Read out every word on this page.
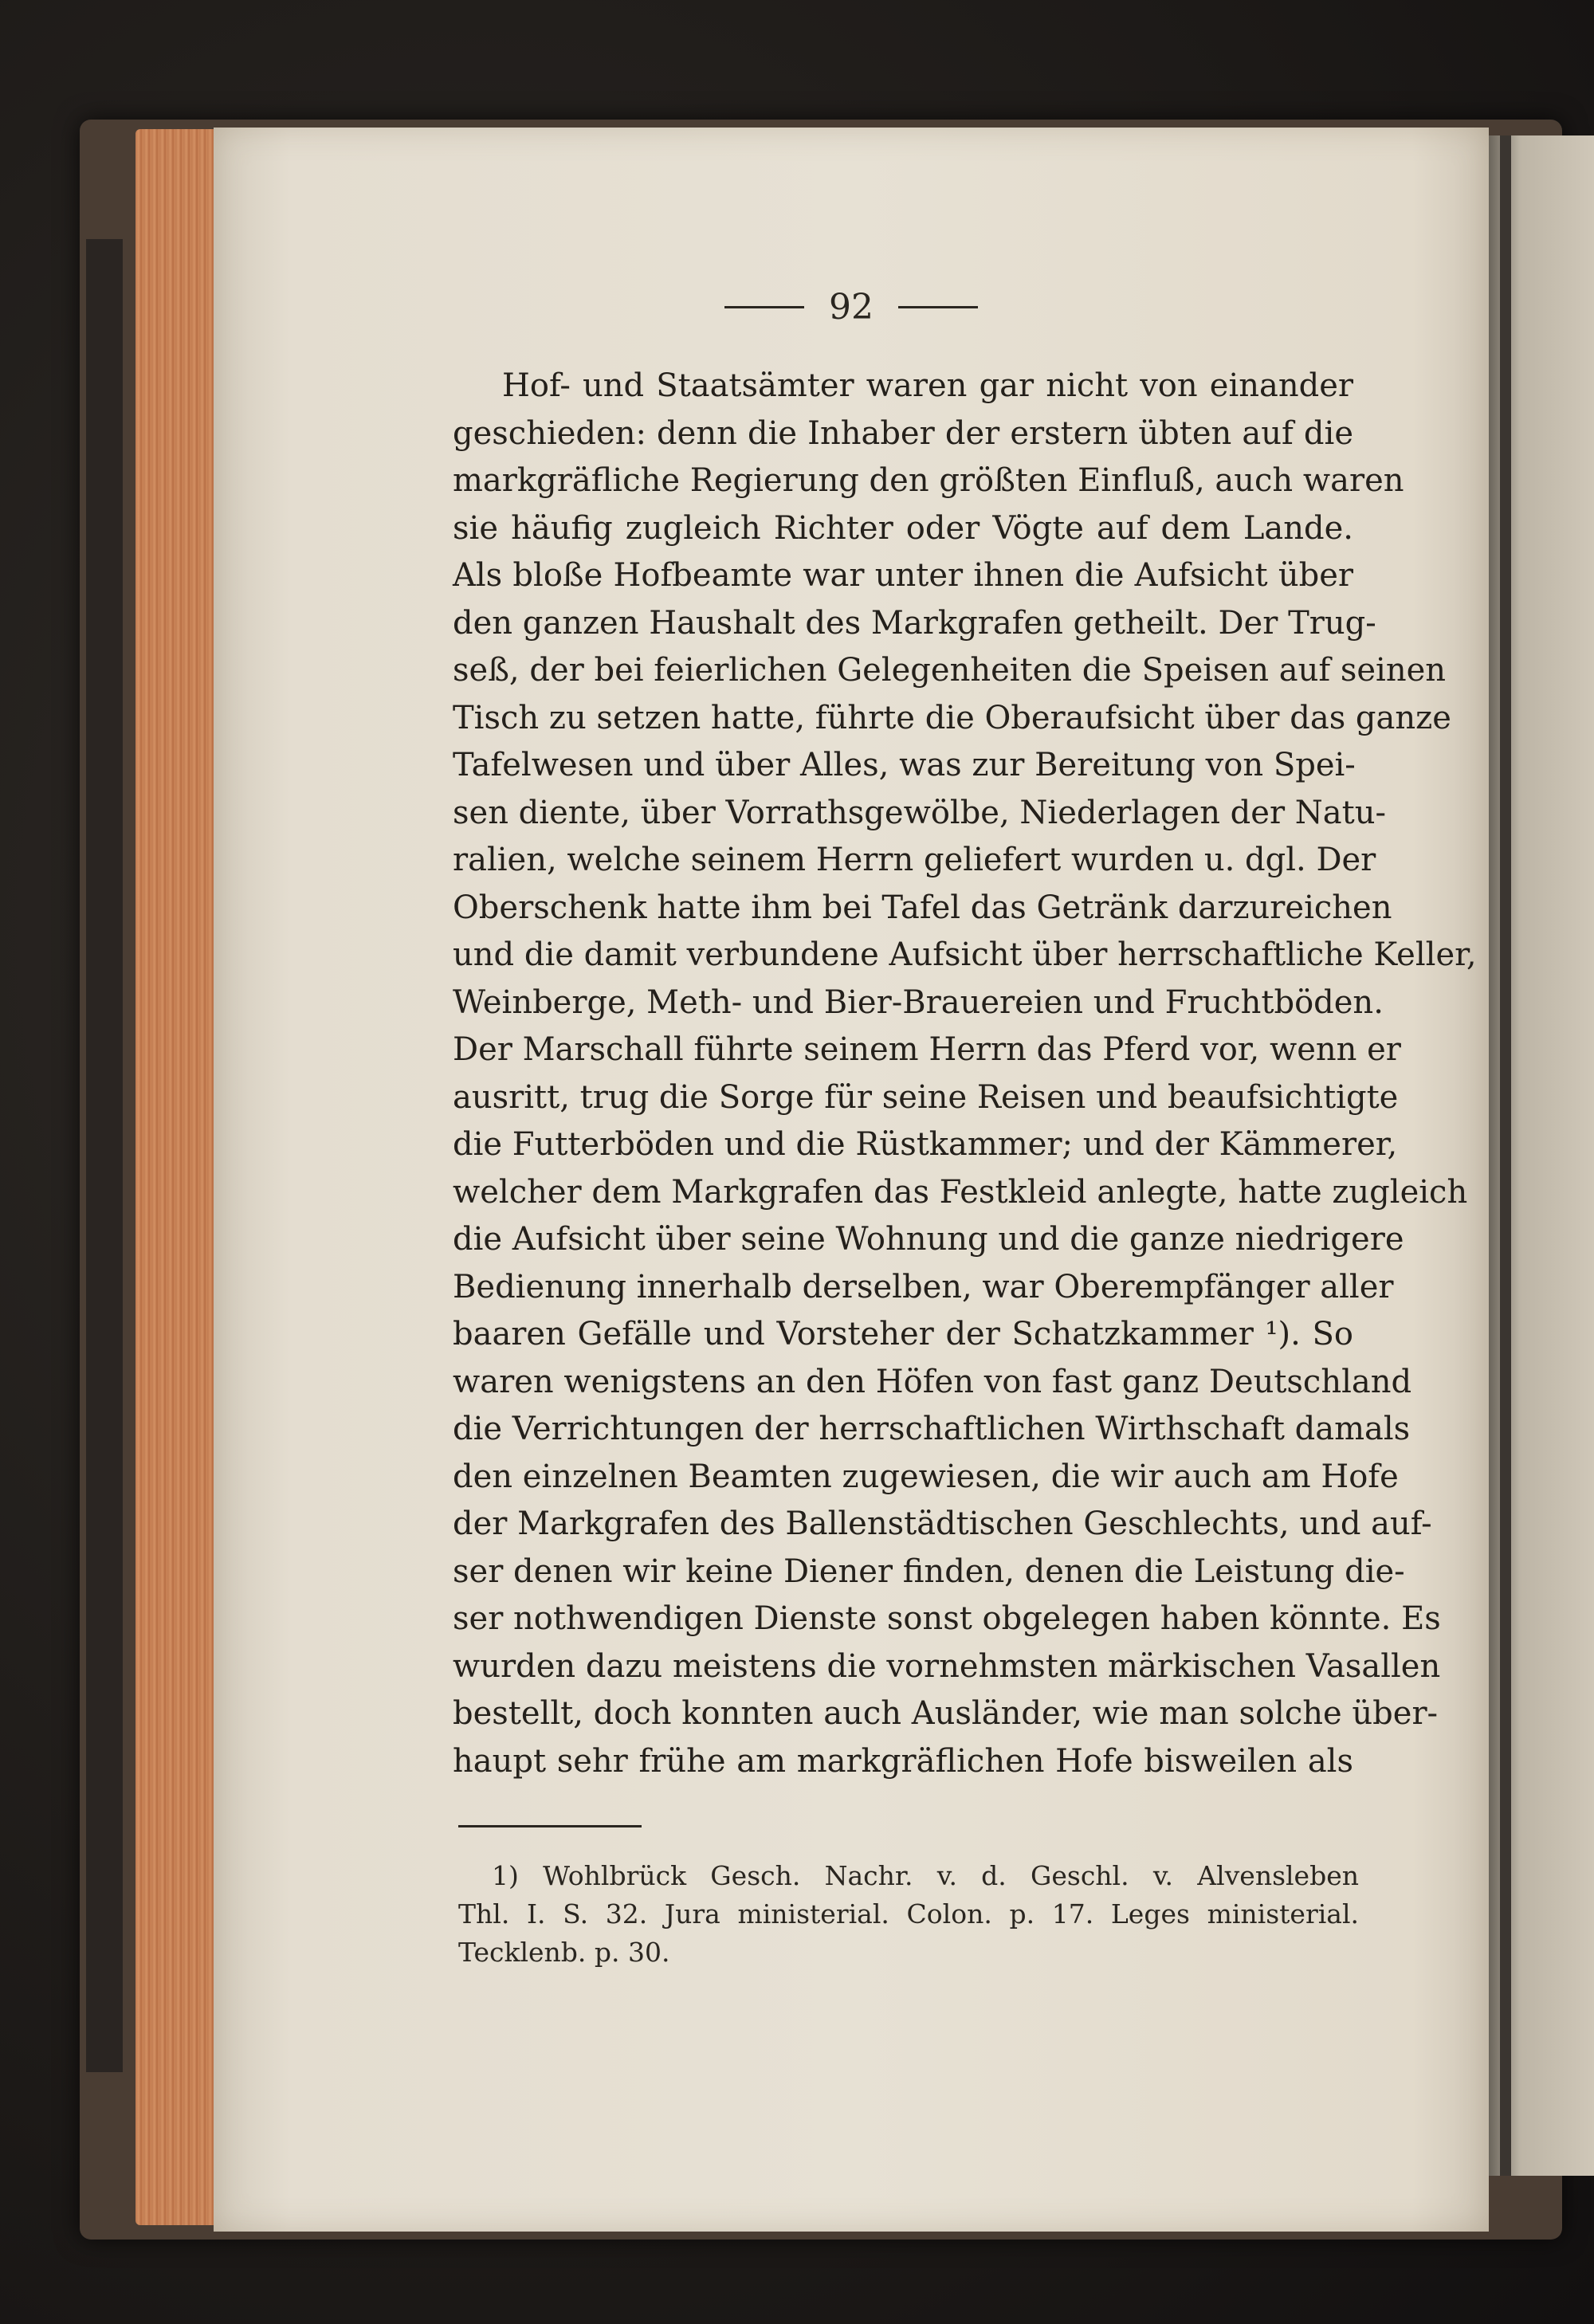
92
Hof- und Staatsämter waren gar nicht von einander
geschieden: denn die Inhaber der erstern übten auf die
markgräfliche Regierung den größten Einfluß, auch waren
sie häufig zugleich Richter oder Vögte auf dem Lande.
Als bloße Hofbeamte war unter ihnen die Aufsicht über
den ganzen Haushalt des Markgrafen getheilt. Der Trug-
seß, der bei feierlichen Gelegenheiten die Speisen auf seinen
Tisch zu setzen hatte, führte die Oberaufsicht über das ganze
Tafelwesen und über Alles, was zur Bereitung von Spei-
sen diente, über Vorrathsgewölbe, Niederlagen der Natu-
ralien, welche seinem Herrn geliefert wurden u. dgl. Der
Oberschenk hatte ihm bei Tafel das Getränk darzureichen
und die damit verbundene Aufsicht über herrschaftliche Keller,
Weinberge, Meth- und Bier-Brauereien und Fruchtböden.
Der Marschall führte seinem Herrn das Pferd vor, wenn er
ausritt, trug die Sorge für seine Reisen und beaufsichtigte
die Futterböden und die Rüstkammer; und der Kämmerer,
welcher dem Markgrafen das Festkleid anlegte, hatte zugleich
die Aufsicht über seine Wohnung und die ganze niedrigere
Bedienung innerhalb derselben, war Oberempfänger aller
baaren Gefälle und Vorsteher der Schatzkammer ¹). So
waren wenigstens an den Höfen von fast ganz Deutschland
die Verrichtungen der herrschaftlichen Wirthschaft damals
den einzelnen Beamten zugewiesen, die wir auch am Hofe
der Markgrafen des Ballenstädtischen Geschlechts, und auf-
ser denen wir keine Diener finden, denen die Leistung die-
ser nothwendigen Dienste sonst obgelegen haben könnte. Es
wurden dazu meistens die vornehmsten märkischen Vasallen
bestellt, doch konnten auch Ausländer, wie man solche über-
haupt sehr frühe am markgräflichen Hofe bisweilen als
1) Wohlbrück Gesch. Nachr. v. d. Geschl. v. Alvensleben
Thl. I. S. 32. Jura ministerial. Colon. p. 17. Leges ministerial.
Tecklenb. p. 30.
